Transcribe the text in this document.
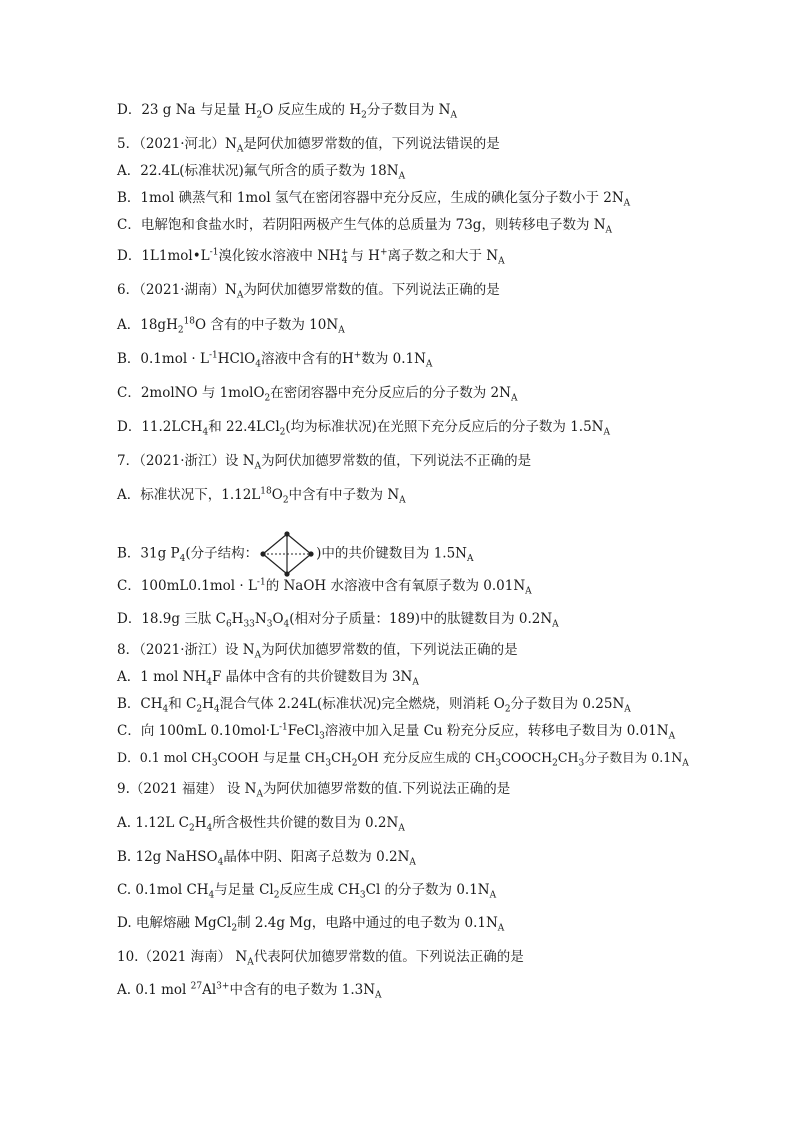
D．23 g Na 与足量 $H_2O$ 反应生成的 $H_2$分子数目为 $N_A$
5．（2021·河北）$N_A$是阿伏加德罗常数的值，下列说法错误的是
A．22.4L(标准状况)氟气所含的质子数为 $18N_A$
B．1mol 碘蒸气和 1mol 氢气在密闭容器中充分反应，生成的碘化氢分子数小于 $2N_A$
C．电解饱和食盐水时，若阴阳两极产生气体的总质量为 73g，则转移电子数为 $N_A$
D．$1L1mol•L^{-1}$溴化铵水溶液中 NH +
4 与 H+离子数之和大于 $N_A$
6．（2021·湖南）$N_A$为阿伏加德罗常数的值。下列说法正确的是
A．$18gH_2^{18}O$ 含有的中子数为 $10N_A$
B．$0.1mol \cdot L^{-1}HClO_4$溶液中含有的H+数为 $0.1N_A$
C．2molNO 与 1molO$_2$在密闭容器中充分反应后的分子数为 $2N_A$
D．$11.2LCH_4$和 22.4LCl$_2$(均为标准状况)在光照下充分反应后的分子数为 $1.5N_A$
7．（2021·浙江）设 $N_A$为阿伏加德罗常数的值，下列说法不正确的是
A．标准状况下，$1.12L^{18}O_2$中含有中子数为 $N_A$
B．31g $P_4$(分子结构：	)中的共价键数目为 $1.5N_A$
C．$100mL0.1mol \cdot L^{-1}$的 NaOH 水溶液中含有氧原子数为 $0.01N_A$
D．18.9g 三肽 $C_6H_{33}N_3O_4$(相对分子质量：189)中的肽键数目为 $0.2N_A$
8．（2021·浙江）设 $N_A$为阿伏加德罗常数的值，下列说法正确的是
A．1 mol $NH_4F$ 晶体中含有的共价键数目为 $3N_A$
B．$CH_4$和 $C_2H_4$混合气体 2.24L(标准状况)完全燃烧，则消耗 $O_2$分子数目为 $0.25N_A$
C．向 100mL $0.10mol\cdot L^{-1}FeCl_3$溶液中加入足量 Cu 粉充分反应，转移电子数目为 $0.01N_A$
D．0.1 mol $CH_3COOH$ 与足量 $CH_3CH_2OH$ 充分反应生成的 $CH_3COOCH_2CH_3$分子数目为 $0.1N_A$
9.（2021 福建） 设 $N_A$为阿伏加德罗常数的值.下列说法正确的是
A. 1.12L $C_2H_4$所含极性共价键的数目为 $0.2N_A$
B. 12g NaHSO$_4$晶体中阴、阳离子总数为 $0.2N_A$
C. 0.1mol $CH_4$与足量 $Cl_2$反应生成 $CH_3Cl$ 的分子数为 $0.1N_A$
D. 电解熔融 MgCl$_2$制 2.4g Mg，电路中通过的电子数为 $0.1N_A$
10.（2021 海南） $N_A$代表阿伏加德罗常数的值。下列说法正确的是
A. 0.1 mol $^{27}Al^{3+}$中含有的电子数为 $1.3N_A$
